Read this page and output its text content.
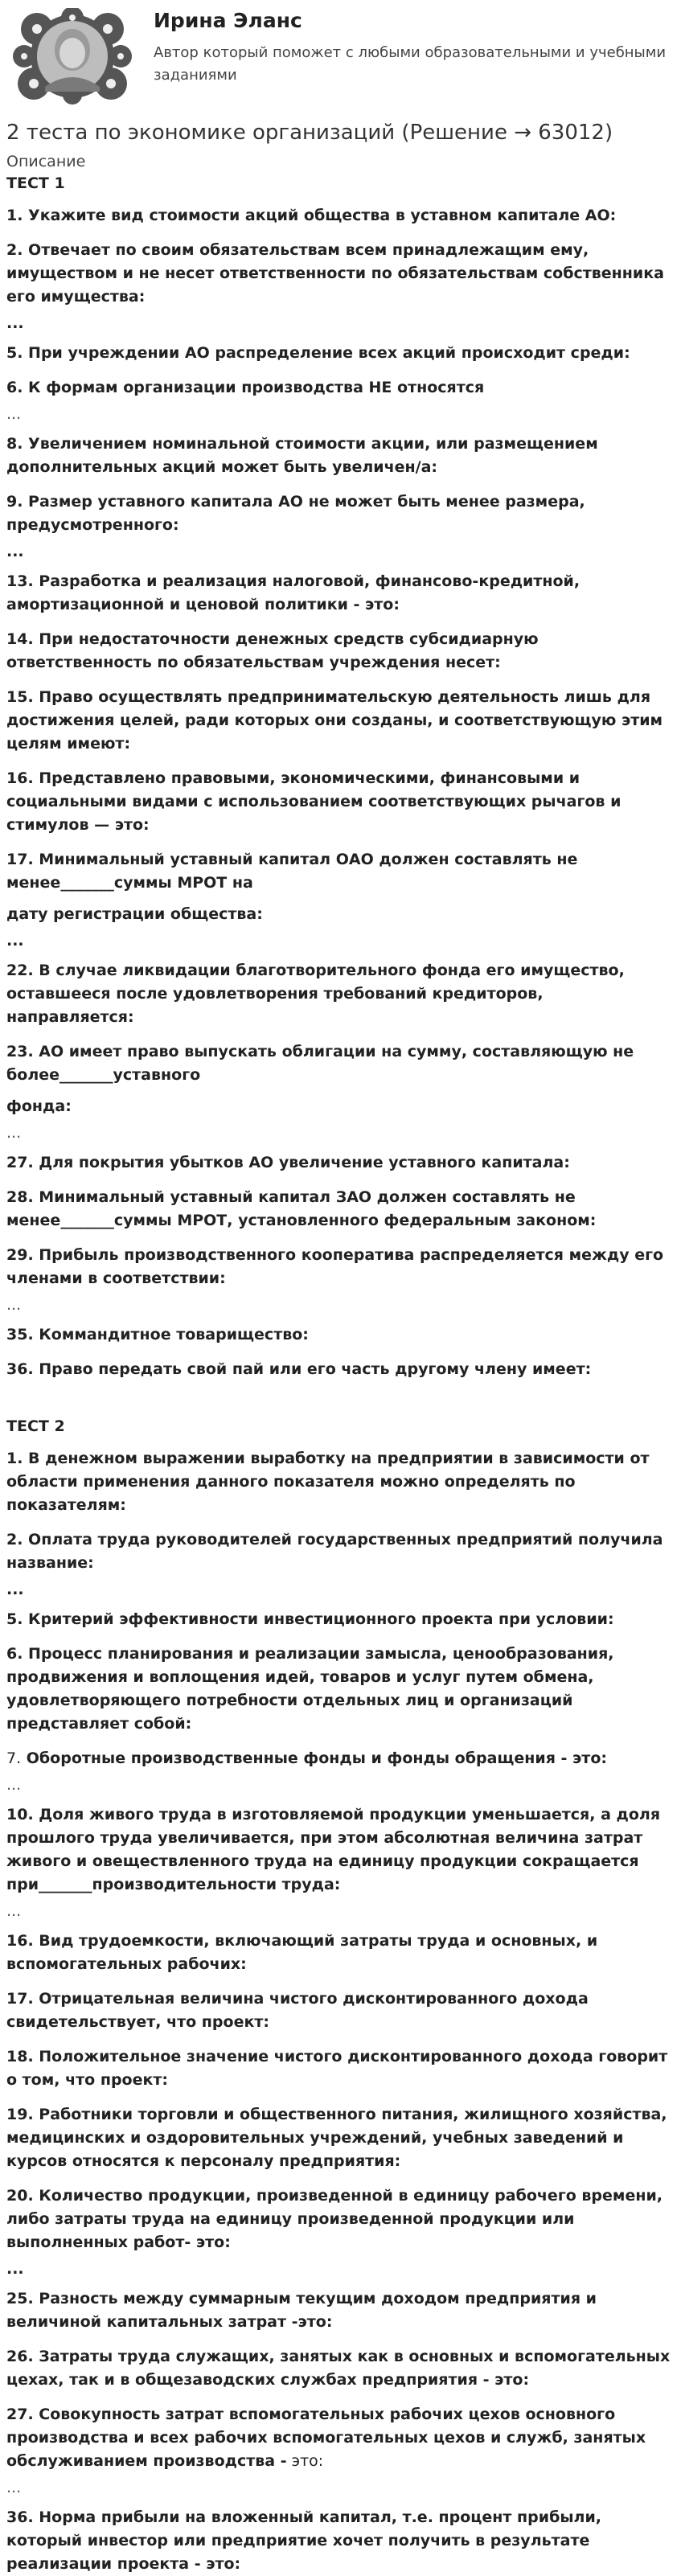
Ирина Эланс
Автор который поможет с любыми образовательными и учебными заданиями
2 теста по экономике организаций (Решение → 63012)
Описание
ТЕСТ 1

1. Укажите вид стоимости акций общества в уставном капитале АО:

2. Отвечает по своим обязательствам всем принадлежащим ему, имуществом и не несет ответственности по обязательствам собственника его имущества:

...

5. При учреждении АО распределение всех акций происходит среди:

6. К формам организации производства НЕ относятся

...

8. Увеличением номинальной стоимости акции, или размещением дополнительных акций может быть увеличен/а:

9. Размер уставного капитала АО не может быть менее размера, предусмотренного:

...

13. Разработка и реализация налоговой, финансово-кредитной, амортизационной и ценовой политики - это:

14. При недостаточности денежных средств субсидиарную ответственность по обязательствам учреждения несет:

15. Право осуществлять предпринимательскую деятельность лишь для достижения целей, ради которых они созданы, и соответствующую этим целям имеют:

16. Представлено правовыми, экономическими, финансовыми и социальными видами с использованием соответствующих рычагов и стимулов — это:

17. Минимальный уставный капитал ОАО должен составлять не менее_______суммы МРОТ на

дату регистрации общества:

...

22. В случае ликвидации благотворительного фонда его имущество, оставшееся после удовлетворения требований кредиторов, направляется:

23. АО имеет право выпускать облигации на сумму, составляющую не более_______уставного

фонда:

...

27. Для покрытия убытков АО увеличение уставного капитала:

28. Минимальный уставный капитал ЗАО должен составлять не менее_______суммы МРОТ, установленного федеральным законом:

29. Прибыль производственного кооператива распределяется между его членами в соответствии:

...

35. Коммандитное товарищество:

36. Право передать свой пай или его часть другому члену имеет:

ТЕСТ 2

1. В денежном выражении выработку на предприятии в зависимости от области применения данного показателя можно определять по показателям:

2. Оплата труда руководителей государственных предприятий получила название:

...

5. Критерий эффективности инвестиционного проекта при условии:

6. Процесс планирования и реализации замысла, ценообразования, продвижения и воплощения идей, товаров и услуг путем обмена, удовлетворяющего потребности отдельных лиц и организаций представляет собой:

7. Оборотные производственные фонды и фонды обращения - это:

...

10. Доля живого труда в изготовляемой продукции уменьшается, а доля прошлого труда увеличивается, при этом абсолютная величина затрат живого и овеществленного труда на единицу продукции сокращается при_______производительности труда:

...

16. Вид трудоемкости, включающий затраты труда и основных, и вспомогательных рабочих:

17. Отрицательная величина чистого дисконтированного дохода свидетельствует, что проект:

18. Положительное значение чистого дисконтированного дохода говорит о том, что проект:

19. Работники торговли и общественного питания, жилищного хозяйства, медицинских и оздоровительных учреждений, учебных заведений и курсов относятся к персоналу предприятия:

20. Количество продукции, произведенной в единицу рабочего времени, либо затраты труда на единицу произведенной продукции или выполненных работ- это:

...

25. Разность между суммарным текущим доходом предприятия и величиной капитальных затрат -это:

26. Затраты труда служащих, занятых как в основных и вспомогательных цехах, так и в общезаводских службах предприятия - это:

27. Совокупность затрат вспомогательных рабочих цехов основного производства и всех рабочих вспомогательных цехов и служб, занятых обслуживанием производства - это:

...

36. Норма прибыли на вложенный капитал, т.е. процент прибыли, который инвестор или предприятие хочет получить в результате реализации проекта - это:
